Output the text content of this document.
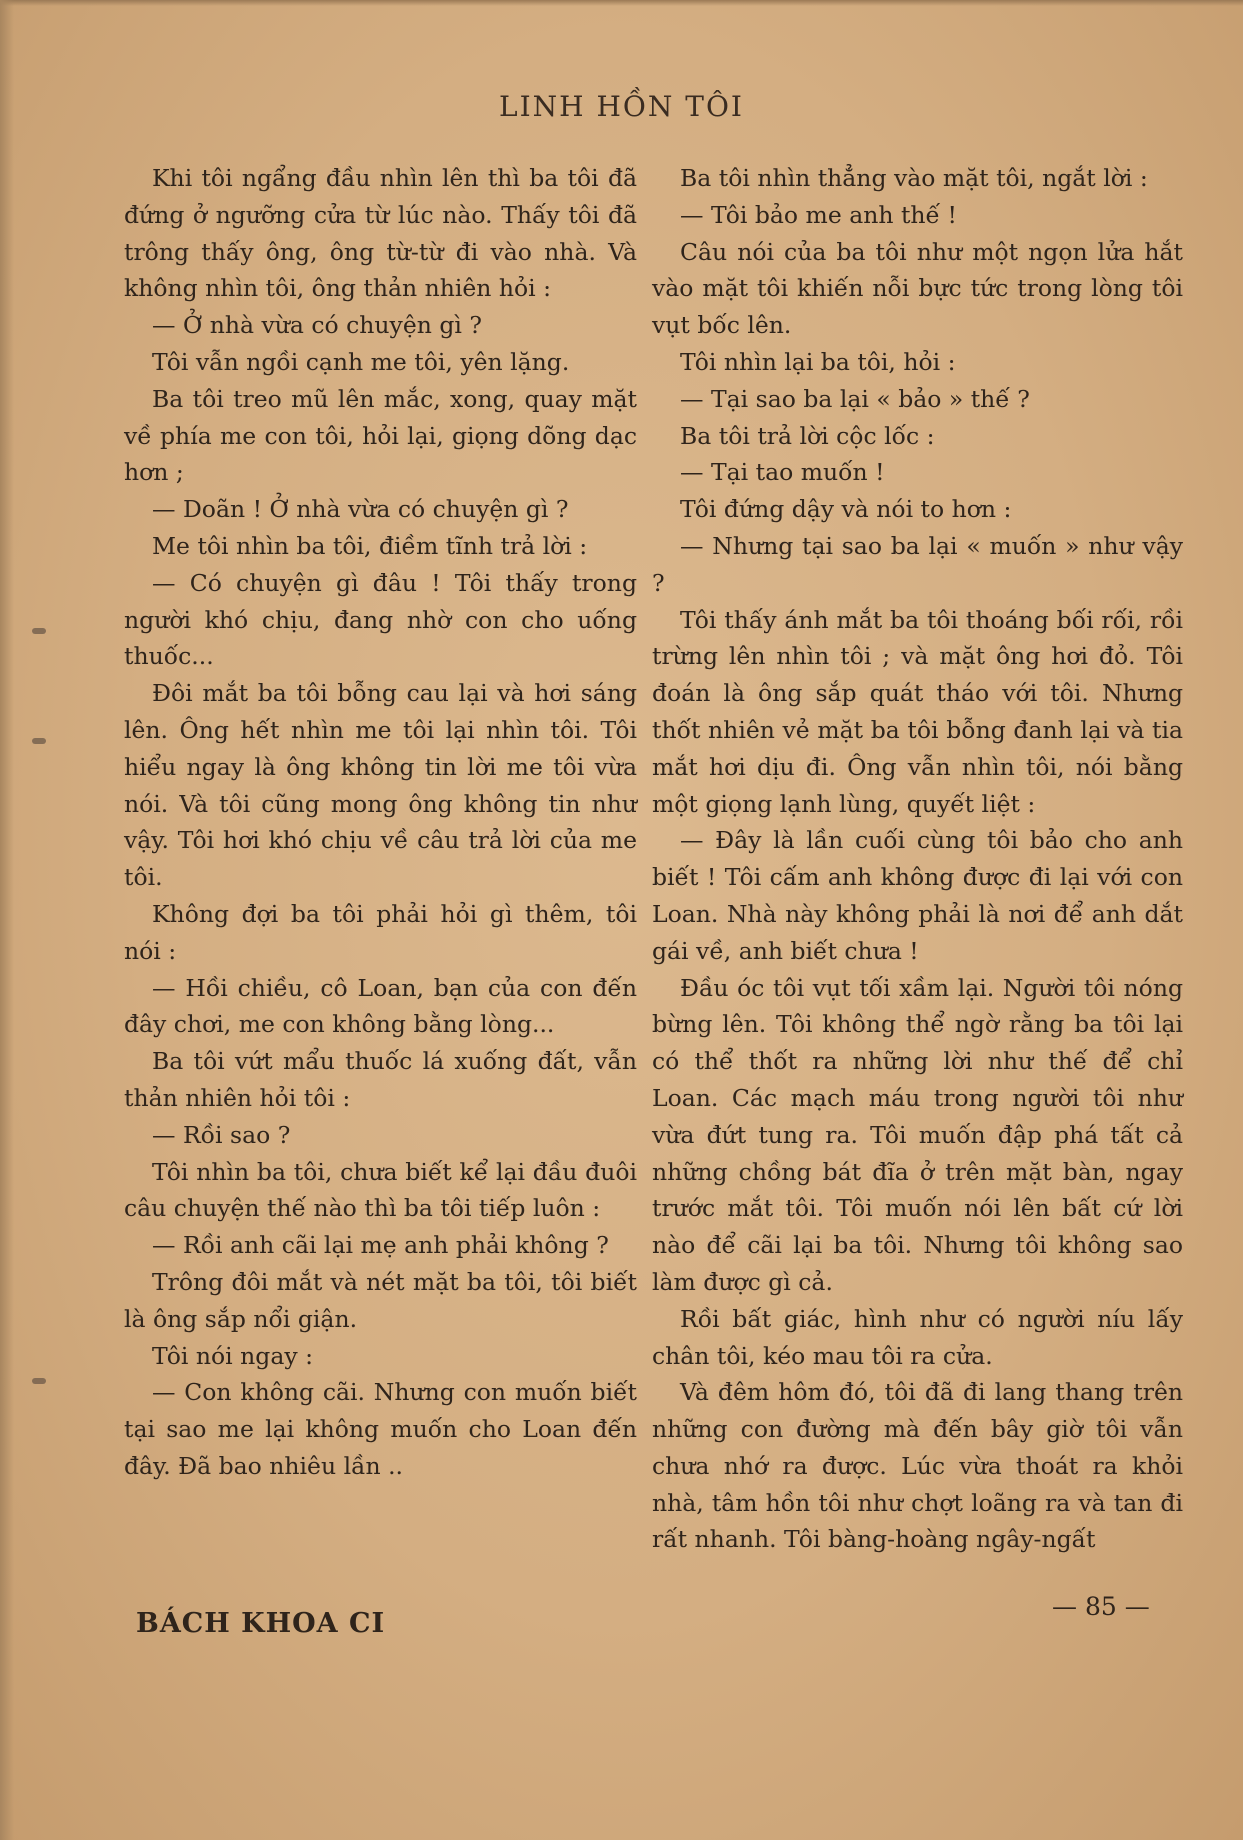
LINH HỒN TÔI

Khi tôi ngẩng đầu nhìn lên thì ba tôi đã đứng ở ngưỡng cửa từ lúc nào. Thấy tôi đã trông thấy ông, ông từ-từ đi vào nhà. Và không nhìn tôi, ông thản nhiên hỏi :

— Ở nhà vừa có chuyện gì ?

Tôi vẫn ngồi cạnh me tôi, yên lặng.

Ba tôi treo mũ lên mắc, xong, quay mặt về phía me con tôi, hỏi lại, giọng dõng dạc hơn ;

— Doãn ! Ở nhà vừa có chuyện gì ?

Me tôi nhìn ba tôi, điềm tĩnh trả lời :

— Có chuyện gì đâu ! Tôi thấy trong người khó chịu, đang nhờ con cho uống thuốc...

Đôi mắt ba tôi bỗng cau lại và hơi sáng lên. Ông hết nhìn me tôi lại nhìn tôi. Tôi hiểu ngay là ông không tin lời me tôi vừa nói. Và tôi cũng mong ông không tin như vậy. Tôi hơi khó chịu về câu trả lời của me tôi.

Không đợi ba tôi phải hỏi gì thêm, tôi nói :

— Hồi chiều, cô Loan, bạn của con đến đây chơi, me con không bằng lòng...

Ba tôi vứt mẩu thuốc lá xuống đất, vẫn thản nhiên hỏi tôi :

— Rồi sao ?

Tôi nhìn ba tôi, chưa biết kể lại đầu đuôi câu chuyện thế nào thì ba tôi tiếp luôn :

— Rồi anh cãi lại mẹ anh phải không ?

Trông đôi mắt và nét mặt ba tôi, tôi biết là ông sắp nổi giận.

Tôi nói ngay :

— Con không cãi. Nhưng con muốn biết tại sao me lại không muốn cho Loan đến đây. Đã bao nhiêu lần ..

Ba tôi nhìn thẳng vào mặt tôi, ngắt lời :

— Tôi bảo me anh thế !

Câu nói của ba tôi như một ngọn lửa hắt vào mặt tôi khiến nỗi bực tức trong lòng tôi vụt bốc lên.

Tôi nhìn lại ba tôi, hỏi :

— Tại sao ba lại « bảo » thế ?

Ba tôi trả lời cộc lốc :

— Tại tao muốn !

Tôi đứng dậy và nói to hơn :

— Nhưng tại sao ba lại « muốn » như vậy ?

Tôi thấy ánh mắt ba tôi thoáng bối rối, rồi trừng lên nhìn tôi ; và mặt ông hơi đỏ. Tôi đoán là ông sắp quát tháo với tôi. Nhưng thốt nhiên vẻ mặt ba tôi bỗng đanh lại và tia mắt hơi dịu đi. Ông vẫn nhìn tôi, nói bằng một giọng lạnh lùng, quyết liệt :

— Đây là lần cuối cùng tôi bảo cho anh biết ! Tôi cấm anh không được đi lại với con Loan. Nhà này không phải là nơi để anh dắt gái về, anh biết chưa !

Đầu óc tôi vụt tối xầm lại. Người tôi nóng bừng lên. Tôi không thể ngờ rằng ba tôi lại có thể thốt ra những lời như thế để chỉ Loan. Các mạch máu trong người tôi như vừa đứt tung ra. Tôi muốn đập phá tất cả những chồng bát đĩa ở trên mặt bàn, ngay trước mắt tôi. Tôi muốn nói lên bất cứ lời nào để cãi lại ba tôi. Nhưng tôi không sao làm được gì cả.

Rồi bất giác, hình như có người níu lấy chân tôi, kéo mau tôi ra cửa.

Và đêm hôm đó, tôi đã đi lang thang trên những con đường mà đến bây giờ tôi vẫn chưa nhớ ra được. Lúc vừa thoát ra khỏi nhà, tâm hồn tôi như chợt loãng ra và tan đi rất nhanh. Tôi bàng-hoàng ngây-ngất

BÁCH KHOA CI
— 85 —
